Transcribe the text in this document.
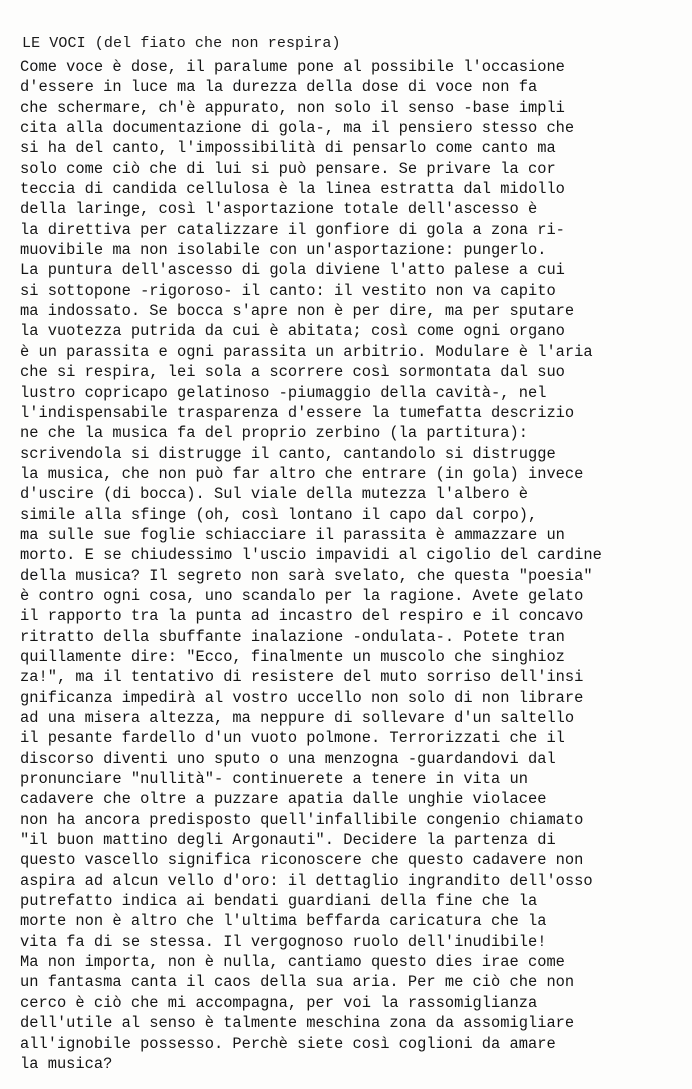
LE VOCI (del fiato che non respira)
Come voce è dose, il paralume pone al possibile l'occasione
d'essere in luce ma la durezza della dose di voce non fa
che schermare, ch'è appurato, non solo il senso -base impli
cita alla documentazione di gola-, ma il pensiero stesso che
si ha del canto, l'impossibilità di pensarlo come canto ma
solo come ciò che di lui si può pensare. Se privare la cor
teccia di candida cellulosa è la linea estratta dal midollo
della laringe, così l'asportazione totale dell'ascesso è
la direttiva per catalizzare il gonfiore di gola a zona ri-
muovibile ma non isolabile con un'asportazione: pungerlo.
La puntura dell'ascesso di gola diviene l'atto palese a cui
si sottopone -rigoroso- il canto: il vestito non va capito
ma indossato. Se bocca s'apre non è per dire, ma per sputare
la vuotezza putrida da cui è abitata; così come ogni organo
è un parassita e ogni parassita un arbitrio. Modulare è l'aria
che si respira, lei sola a scorrere così sormontata dal suo
lustro copricapo gelatinoso -piumaggio della cavità-, nel
l'indispensabile trasparenza d'essere la tumefatta descrizio
ne che la musica fa del proprio zerbino (la partitura):
scrivendola si distrugge il canto, cantandolo si distrugge
la musica, che non può far altro che entrare (in gola) invece
d'uscire (di bocca). Sul viale della mutezza l'albero è
simile alla sfinge (oh, così lontano il capo dal corpo),
ma sulle sue foglie schiacciare il parassita è ammazzare un
morto. E se chiudessimo l'uscio impavidi al cigolio del cardine
della musica? Il segreto non sarà svelato, che questa "poesia"
è contro ogni cosa, uno scandalo per la ragione. Avete gelato
il rapporto tra la punta ad incastro del respiro e il concavo
ritratto della sbuffante inalazione -ondulata-. Potete tran
quillamente dire: "Ecco, finalmente un muscolo che singhioz
za!", ma il tentativo di resistere del muto sorriso dell'insi
gnificanza impedirà al vostro uccello non solo di non librare
ad una misera altezza, ma neppure di sollevare d'un saltello
il pesante fardello d'un vuoto polmone. Terrorizzati che il
discorso diventi uno sputo o una menzogna -guardandovi dal
pronunciare "nullità"- continuerete a tenere in vita un
cadavere che oltre a puzzare apatia dalle unghie violacee
non ha ancora predisposto quell'infallibile congenio chiamato
"il buon mattino degli Argonauti". Decidere la partenza di
questo vascello significa riconoscere che questo cadavere non
aspira ad alcun vello d'oro: il dettaglio ingrandito dell'osso
putrefatto indica ai bendati guardiani della fine che la
morte non è altro che l'ultima beffarda caricatura che la
vita fa di se stessa. Il vergognoso ruolo dell'inudibile!
Ma non importa, non è nulla, cantiamo questo dies irae come
un fantasma canta il caos della sua aria. Per me ciò che non
cerco è ciò che mi accompagna, per voi la rassomiglianza
dell'utile al senso è talmente meschina zona da assomigliare
all'ignobile possesso. Perchè siete così coglioni da amare
la musica?
